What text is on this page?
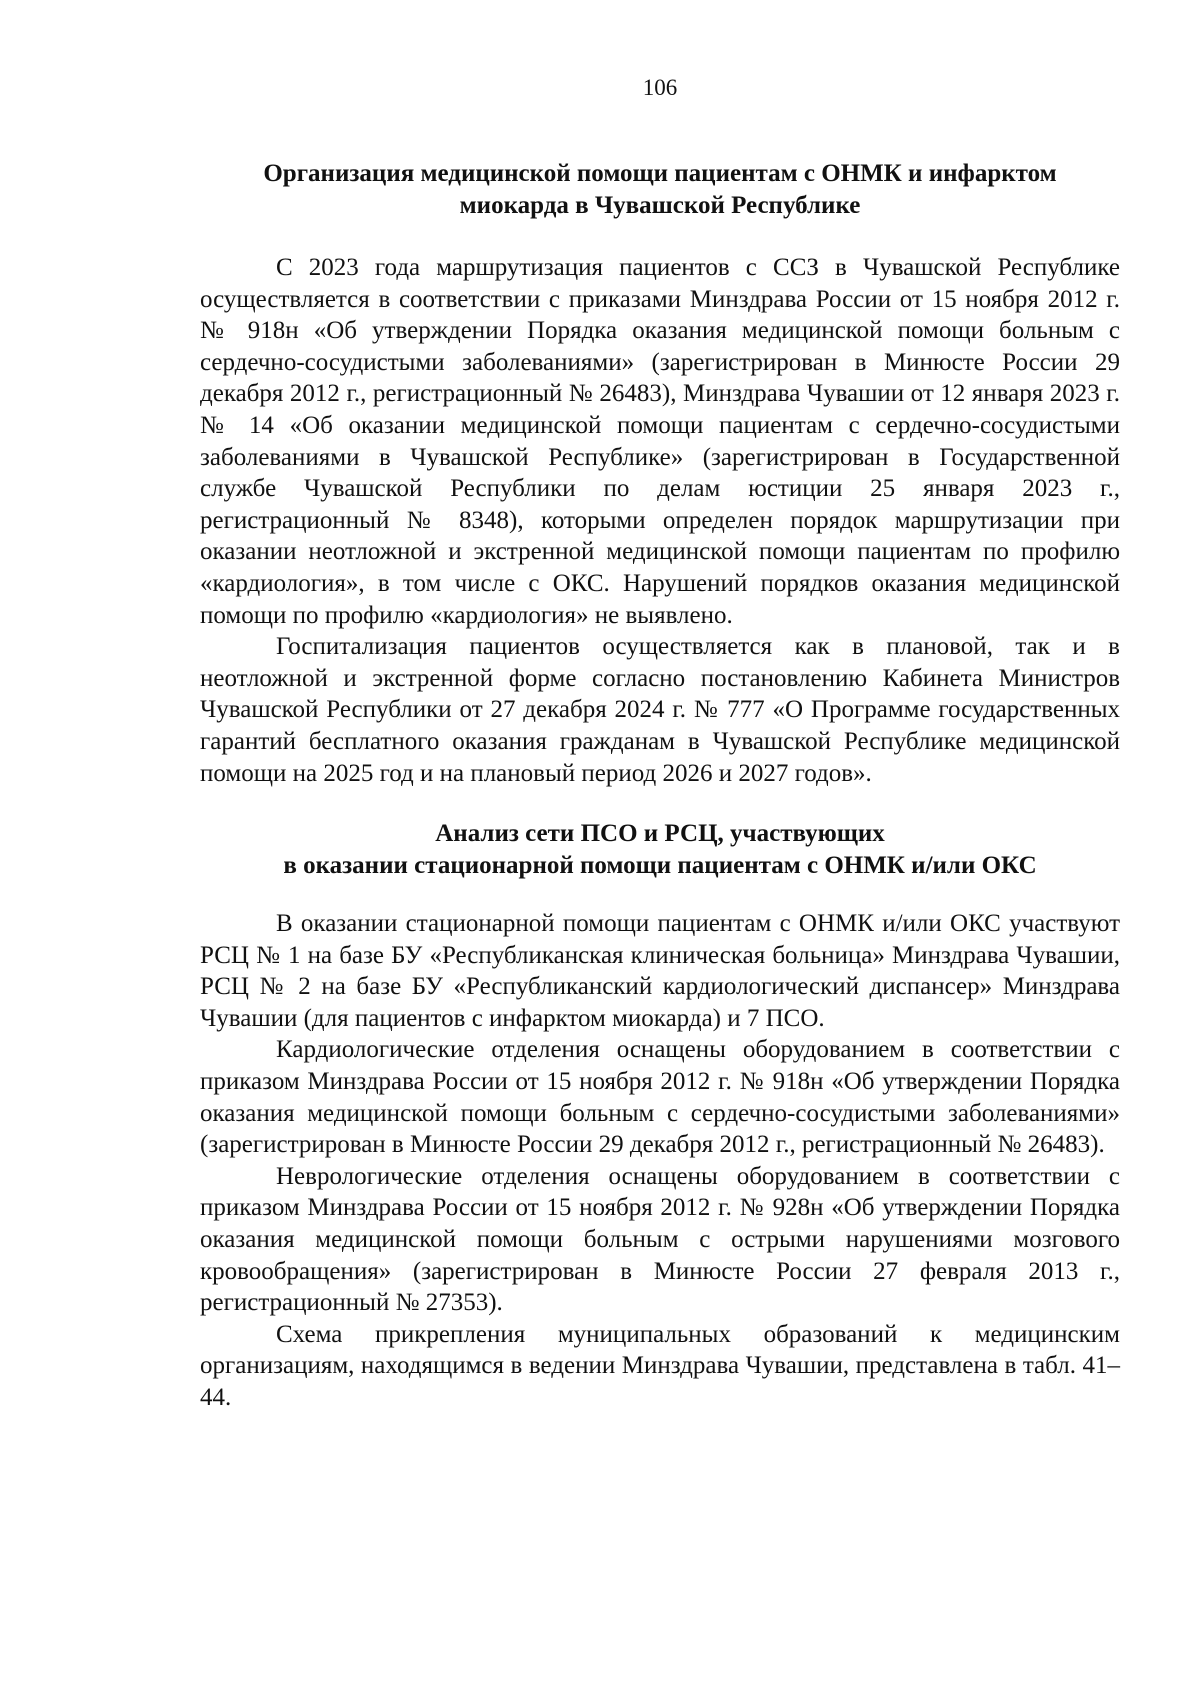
106
Организация медицинской помощи пациентам с ОНМК и инфарктом
миокарда в Чувашской Республике

С 2023 года маршрутизация пациентов с ССЗ в Чувашской Республике осуществляется в соответствии с приказами Минздрава России от 15 ноября 2012 г. № 918н «Об утверждении Порядка оказания медицинской помощи больным с сердечно-сосудистыми заболеваниями» (зарегистрирован в Минюсте России 29 декабря 2012 г., регистрационный № 26483), Минздрава Чувашии от 12 января 2023 г. № 14 «Об оказании медицинской помощи пациентам с сердечно-сосудистыми заболеваниями в Чувашской Республике» (зарегистрирован в Государственной службе Чувашской Республики по делам юстиции 25 января 2023 г., регистрационный № 8348), которыми определен порядок маршрутизации при оказании неотложной и экстренной медицинской помощи пациентам по профилю «кардиология», в том числе с ОКС. Нарушений порядков оказания медицинской помощи по профилю «кардиология» не выявлено.

Госпитализация пациентов осуществляется как в плановой, так и в неотложной и экстренной форме согласно постановлению Кабинета Министров Чувашской Республики от 27 декабря 2024 г. № 777 «О Программе государственных гарантий бесплатного оказания гражданам в Чувашской Республике медицинской помощи на 2025 год и на плановый период 2026 и 2027 годов».

Анализ сети ПСО и РСЦ, участвующих
в оказании стационарной помощи пациентам с ОНМК и/или ОКС

В оказании стационарной помощи пациентам с ОНМК и/или ОКС участвуют РСЦ № 1 на базе БУ «Республиканская клиническая больница» Минздрава Чувашии, РСЦ № 2 на базе БУ «Республиканский кардиологический диспансер» Минздрава Чувашии (для пациентов с инфарктом миокарда) и 7 ПСО.

Кардиологические отделения оснащены оборудованием в соответствии с приказом Минздрава России от 15 ноября 2012 г. № 918н «Об утверждении Порядка оказания медицинской помощи больным с сердечно-сосудистыми заболеваниями» (зарегистрирован в Минюсте России 29 декабря 2012 г., регистрационный № 26483).

Неврологические отделения оснащены оборудованием в соответствии с приказом Минздрава России от 15 ноября 2012 г. № 928н «Об утверждении Порядка оказания медицинской помощи больным с острыми нарушениями мозгового кровообращения» (зарегистрирован в Минюсте России 27 февраля 2013 г., регистрационный № 27353).

Схема прикрепления муниципальных образований к медицинским организациям, находящимся в ведении Минздрава Чувашии, представлена в табл. 41–44.
